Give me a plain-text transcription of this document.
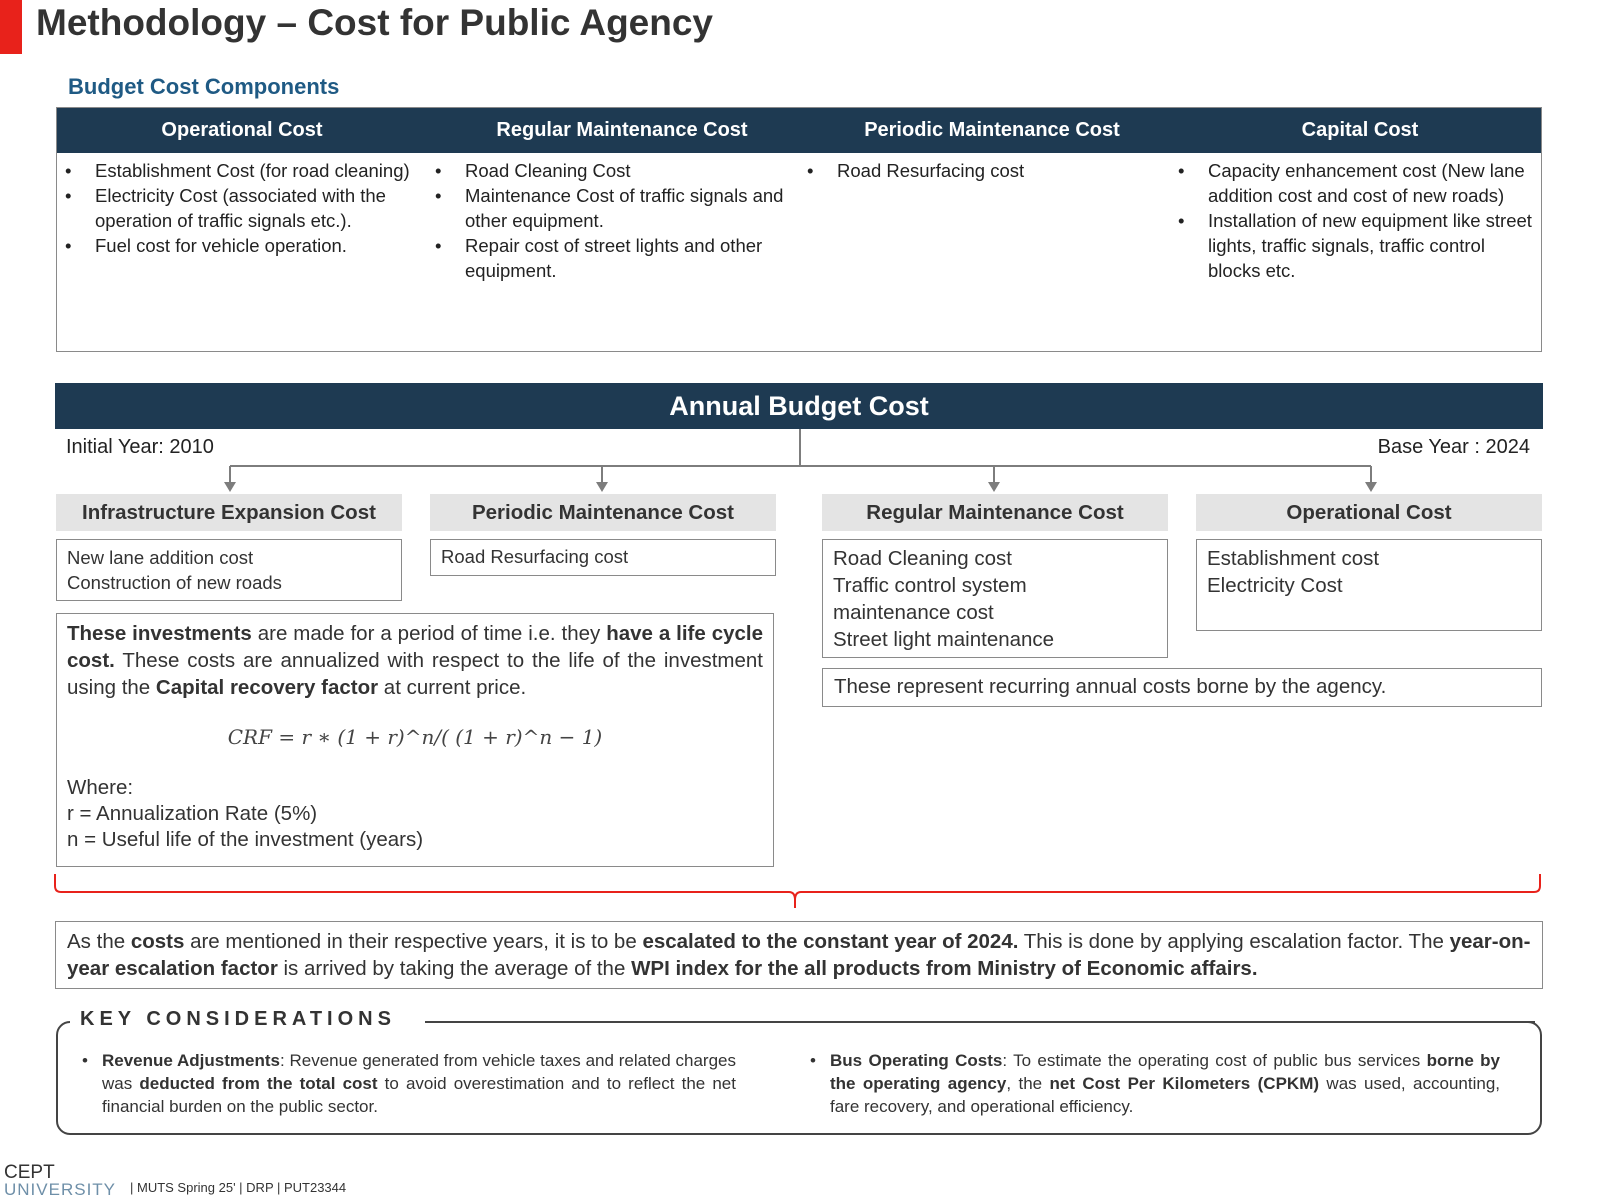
Methodology – Cost for Public Agency
Budget Cost Components
Operational Cost	Regular Maintenance Cost	Periodic Maintenance Cost	Capital Cost
• Establishment Cost (for road cleaning)
• Electricity Cost (associated with the operation of traffic signals etc.).
• Fuel cost for vehicle operation.
• Road Cleaning Cost
• Maintenance Cost of traffic signals and other equipment.
• Repair cost of street lights and other equipment.
• Road Resurfacing cost
•	Capacity enhancement cost (New lane addition cost and cost of new roads)
• Installation of new equipment like street lights, traffic signals, traffic control blocks etc.
Annual Budget Cost
Initial Year: 2010	Base Year : 2024
Infrastructure Expansion Cost	Periodic Maintenance Cost	Regular Maintenance Cost	Operational Cost
New lane addition cost
Construction of new roads
Road Resurfacing cost	Road Cleaning cost
Traffic control system
maintenance cost
Street light maintenance
Establishment cost
Electricity Cost
These investments are made for a period of time i.e. they have a life cycle cost. These costs are annualized with respect to the life of the investment using the Capital recovery factor at current price.
CRF = r ∗ (1 + r)^n/( (1 + r)^n − 1)
Where:
r = Annualization Rate (5%)
n = Useful life of the investment (years)
These represent recurring annual costs borne by the agency.
As the costs are mentioned in their respective years, it is to be escalated to the constant year of 2024. This is done by applying escalation factor. The year-on-year escalation factor is arrived by taking the average of the WPI index for the all products from Ministry of Economic affairs.
KEY CONSIDERATIONS

• Revenue Adjustments: Revenue generated from vehicle taxes and related charges was deducted from the total cost to avoid overestimation and to reflect the net financial burden on the public sector.

• Bus Operating Costs: To estimate the operating cost of public bus services borne by the operating agency, the net Cost Per Kilometers (CPKM) was used, accounting, fare recovery, and operational efficiency.

CEPT
UNIVERSITY | MUTS Spring 25' | DRP | PUT23344
